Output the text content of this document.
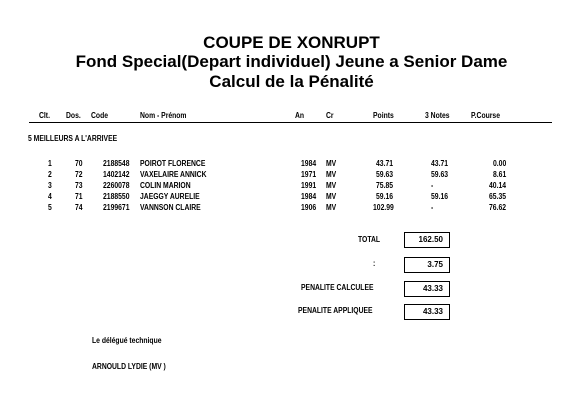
COUPE DE XONRUPT
Fond Special(Depart individuel) Jeune a Senior Dame
Calcul de la Pénalité
Clt. Dos. Code	Nom - Prénom	An	Cr	Points	3 Notes	P.Course
5 MEILLEURS A L'ARRIVEE
1	70	2188548 POIROT FLORENCE	1984 MV	43.71	43.71	0.00
2	72	1402142 VAXELAIRE ANNICK	1971 MV	59.63	59.63	8.61
3	73	2260078 COLIN MARION	1991 MV	75.85	-	40.14
4	71	2188550 JAEGGY AURELIE	1984 MV	59.16	59.16	65.35
5	74	2199671 VANNSON CLAIRE	1906 MV	102.99	-	76.62
TOTAL	162.50
:	3.75
PENALITE CALCULEE	43.33
PENALITE APPLIQUEE	43.33
Le délégué technique
ARNOULD LYDIE (MV )
